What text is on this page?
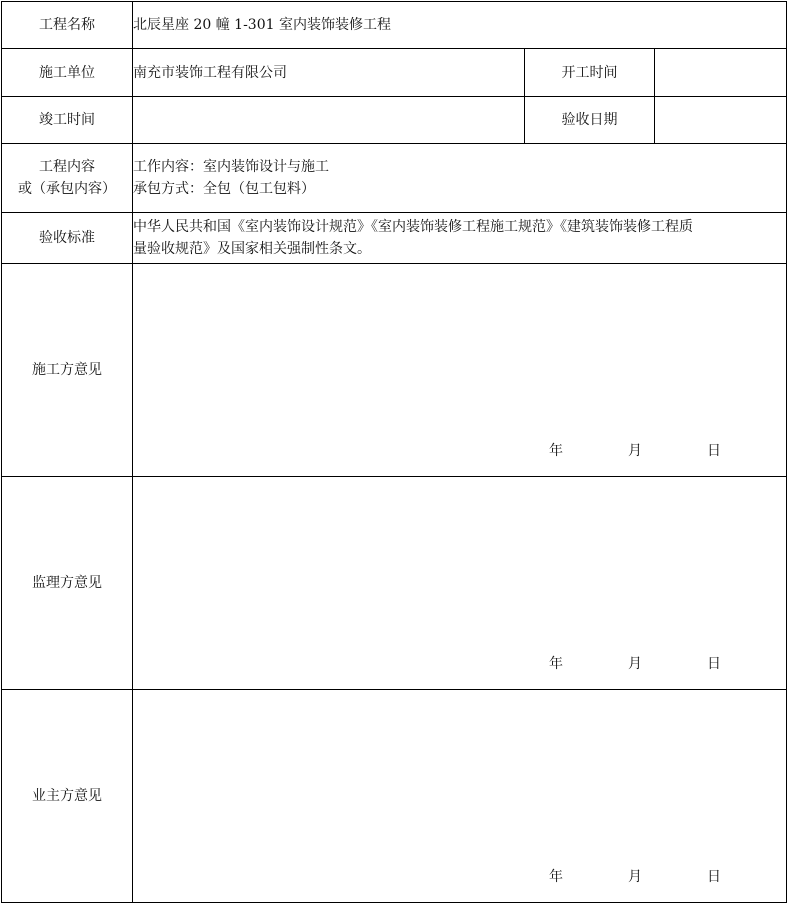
工程名称	北辰星座 20 幢 1-301 室内装饰装修工程		
施工单位	南充市装饰工程有限公司	开工时间	
竣工时间		验收日期	

工程内容
或（承包内容）	工作内容：室内装饰设计与施工
承包方式：全包（包工包料）		

验收标准	中华人民共和国《室内装饰设计规范》《室内装饰装修工程施工规范》《建筑装饰装修工程质
量验收规范》及国家相关强制性条文。		

施工方意见	年 月 日		

监理方意见	年 月 日		

业主方意见	年 月 日		
